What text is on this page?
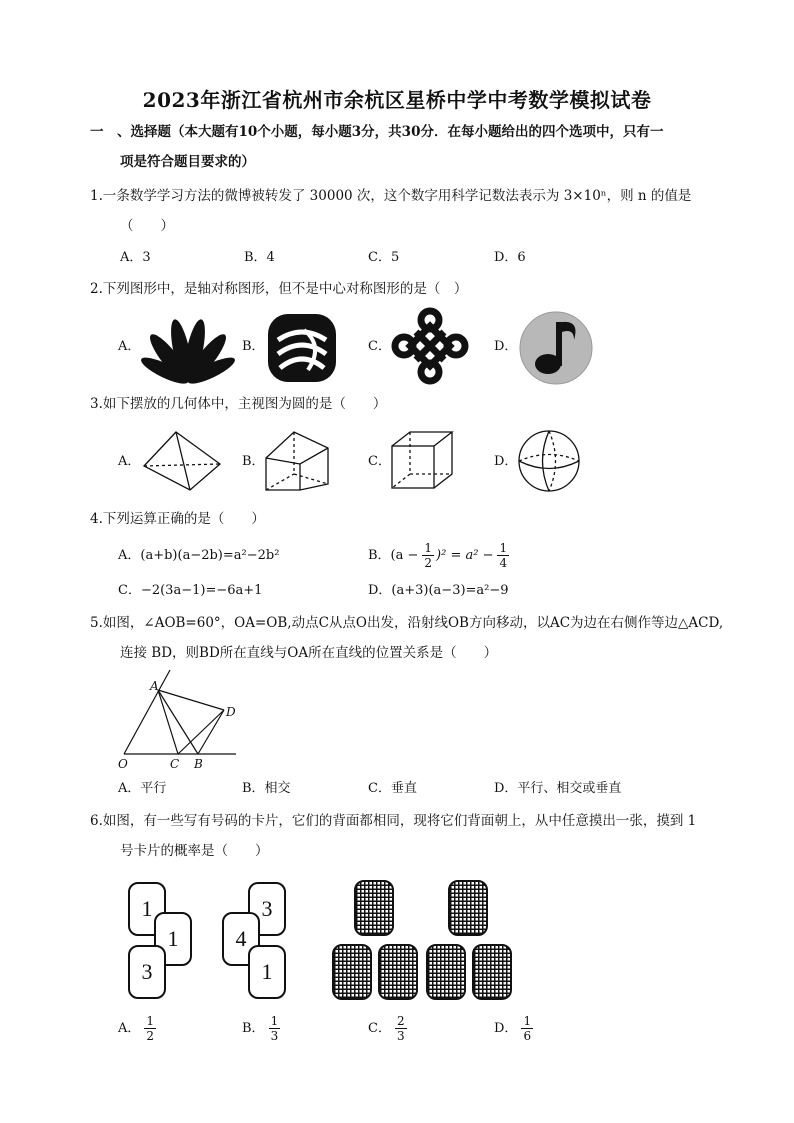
2023年浙江省杭州市余杭区星桥中学中考数学模拟试卷
一　、选择题（本大题有10个小题，每小题3分，共30分．在每小题给出的四个选项中，只有一
项是符合题目要求的）
1.一条数学学习方法的微博被转发了 30000 次，这个数字用科学记数法表示为 3×10ⁿ，则 n 的值是
（　　）
A．3	B．4	C．5	D．6
2.下列图形中，是轴对称图形，但不是中心对称图形的是（　）
A．	B．	C．	D．
3.如下摆放的几何体中，主视图为圆的是（　　）
A．	B．	C．	D．
4.下列运算正确的是（　　）
A．(a+b)(a−2b)=a²−2b²	B．$(a - \frac{1}{2} )^2 = a^2 - \frac{1}{4}$
C．−2(3a−1)=−6a+1	D．(a+3)(a−3)=a²−9
5.如图，∠AOB=60°，OA=OB,动点C从点O出发，沿射线OB方向移动，以AC为边在右侧作等边△ACD,
连接 BD，则BD所在直线与OA所在直线的位置关系是（　　）
A
D
O	C B
A．平行	B．相交	C．垂直	D．平行、相交或垂直
6.如图，有一些写有号码的卡片，它们的背面都相同，现将它们背面朝上，从中任意摸出一张，摸到 1
号卡片的概率是（　　）
1
1
3
3
4
1
A． $\frac{1}{2}$	B． $\frac{1}{3}$	C． $\frac{2}{3}$	D． $\frac{1}{6}$
